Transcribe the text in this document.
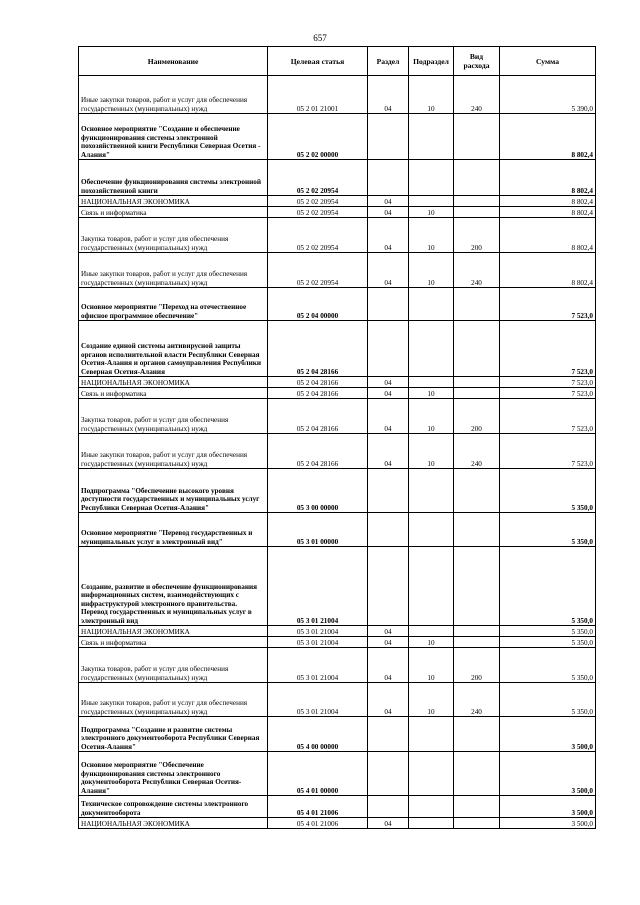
657
Наименование	Целевая статья	Раздел	Подраздел	Вид расхода	Сумма
Иные закупки товаров, работ и услуг для обеспечения государственных (муниципальных) нужд	05 2 01 21001	04	10	240	5 390,0
Основное мероприятие "Создание и обеспечение функционирования системы электронной похозяйственной книги Республики Северная Осетия - Алания"	05 2 02 00000				8 802,4
Обеспечение функционирования системы электронной похозяйственной книги	05 2 02 20954				8 802,4
НАЦИОНАЛЬНАЯ ЭКОНОМИКА	05 2 02 20954	04			8 802,4
Связь и информатика	05 2 02 20954	04	10		8 802,4
Закупка товаров, работ и услуг для обеспечения государственных (муниципальных) нужд	05 2 02 20954	04	10	200	8 802,4
Иные закупки товаров, работ и услуг для обеспечения государственных (муниципальных) нужд	05 2 02 20954	04	10	240	8 802,4
Основное мероприятие "Переход на отечественное офисное программное обеспечение"	05 2 04 00000				7 523,0
Создание единой системы антивирусной защиты органов исполнительной власти Республики Северная Осетия-Алания и органов самоуправления Республики Северная Осетия-Алания	05 2 04 28166				7 523,0
НАЦИОНАЛЬНАЯ ЭКОНОМИКА	05 2 04 28166	04			7 523,0
Связь и информатика	05 2 04 28166	04	10		7 523,0
Закупка товаров, работ и услуг для обеспечения государственных (муниципальных) нужд	05 2 04 28166	04	10	200	7 523,0
Иные закупки товаров, работ и услуг для обеспечения государственных (муниципальных) нужд	05 2 04 28166	04	10	240	7 523,0
Подпрограмма "Обеспечение высокого уровня доступности государственных и муниципальных услуг Республики Северная Осетия-Алания"	05 3 00 00000				5 350,0
Основное мероприятие "Перевод государственных и муниципальных услуг в электронный вид"	05 3 01 00000				5 350,0
Создание, развитие и обеспечение функционирования информационных систем, взаимодействующих с инфраструктурой электронного правительства. Перевод государственных и муниципальных услуг в электронный вид	05 3 01 21004				5 350,0
НАЦИОНАЛЬНАЯ ЭКОНОМИКА	05 3 01 21004	04			5 350,0
Связь и информатика	05 3 01 21004	04	10		5 350,0
Закупка товаров, работ и услуг для обеспечения государственных (муниципальных) нужд	05 3 01 21004	04	10	200	5 350,0
Иные закупки товаров, работ и услуг для обеспечения государственных (муниципальных) нужд	05 3 01 21004	04	10	240	5 350,0
Подпрограмма "Создание и развитие системы электронного документооборота Республики Северная Осетия-Алания"	05 4 00 00000				3 500,0
Основное мероприятие "Обеспечение функционирования системы электронного документооборота Республики Северная Осетия-Алания"	05 4 01 00000				3 500,0
Техническое сопровождение системы электронного документооборота	05 4 01 21006				3 500,0
НАЦИОНАЛЬНАЯ ЭКОНОМИКА	05 4 01 21006	04			3 500,0
